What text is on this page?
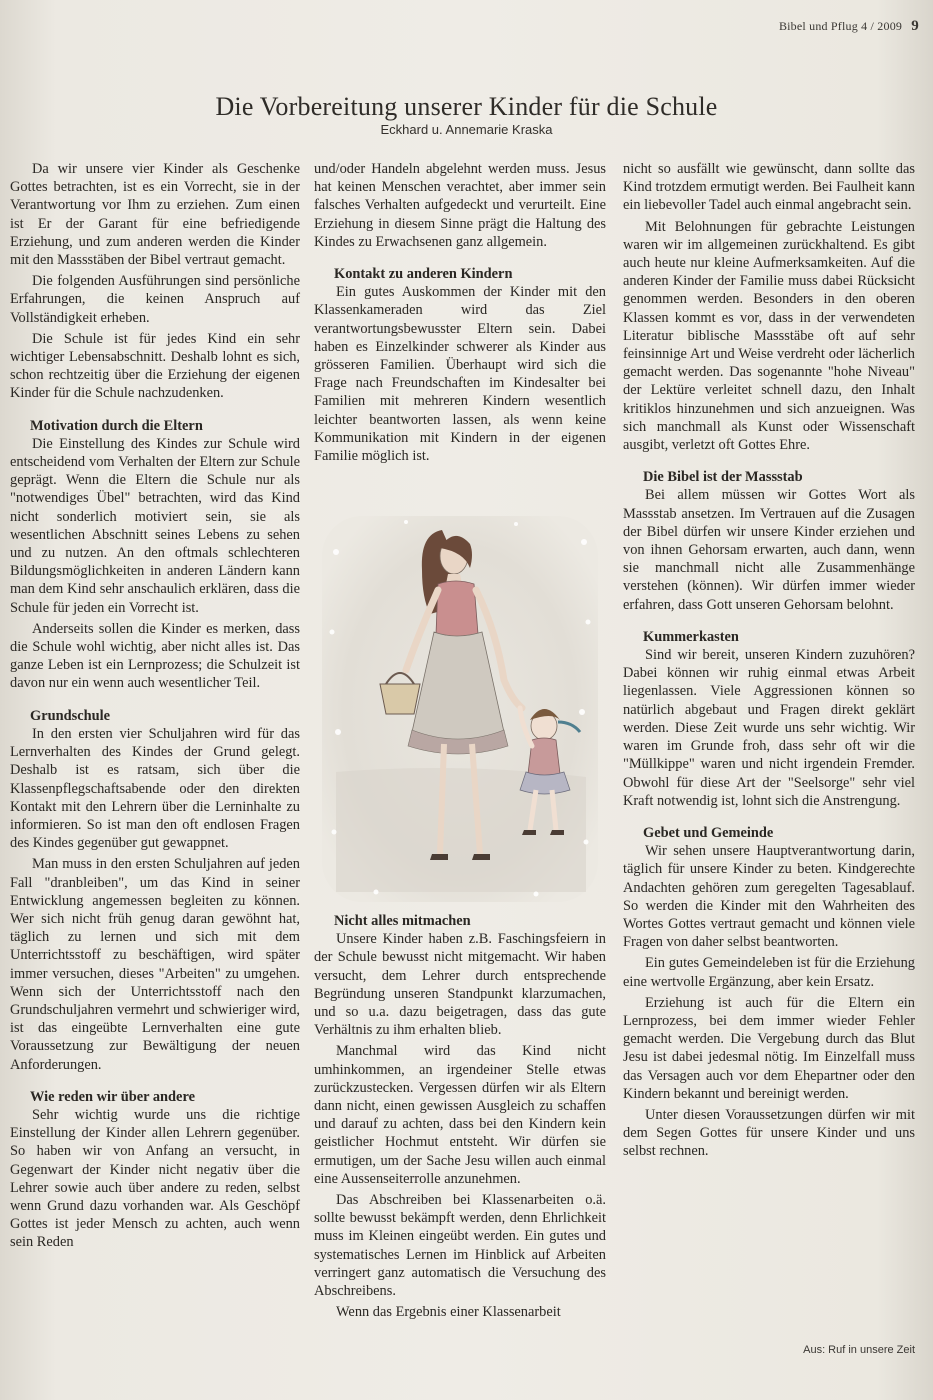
Bibel und Pflug 4 / 2009 9
Die Vorbereitung unserer Kinder für die Schule
Eckhard u. Annemarie Kraska

Da wir unsere vier Kinder als Geschenke Gottes betrachten, ist es ein Vorrecht, sie in der Verantwortung vor Ihm zu erziehen. Zum einen ist Er der Garant für eine befriedigende Erziehung, und zum anderen werden die Kinder mit den Massstäben der Bibel vertraut gemacht.

Die folgenden Ausführungen sind persönliche Erfahrungen, die keinen Anspruch auf Vollständigkeit erheben.

Die Schule ist für jedes Kind ein sehr wichtiger Lebensabschnitt. Deshalb lohnt es sich, schon rechtzeitig über die Erziehung der eigenen Kinder für die Schule nachzudenken.

Motivation durch die Eltern

Die Einstellung des Kindes zur Schule wird entscheidend vom Verhalten der Eltern zur Schule geprägt. Wenn die Eltern die Schule nur als "notwendiges Übel" betrachten, wird das Kind nicht sonderlich motiviert sein, sie als wesentlichen Abschnitt seines Lebens zu sehen und zu nutzen. An den oftmals schlechteren Bildungsmöglichkeiten in anderen Ländern kann man dem Kind sehr anschaulich erklären, dass die Schule für jeden ein Vorrecht ist.

Anderseits sollen die Kinder es merken, dass die Schule wohl wichtig, aber nicht alles ist. Das ganze Leben ist ein Lernprozess; die Schulzeit ist davon nur ein wenn auch wesentlicher Teil.

Grundschule

In den ersten vier Schuljahren wird für das Lernverhalten des Kindes der Grund gelegt. Deshalb ist es ratsam, sich über die Klassenpflegschaftsabende oder den direkten Kontakt mit den Lehrern über die Lerninhalte zu informieren. So ist man den oft endlosen Fragen des Kindes gegenüber gut gewappnet.

Man muss in den ersten Schuljahren auf jeden Fall "dranbleiben", um das Kind in seiner Entwicklung angemessen begleiten zu können. Wer sich nicht früh genug daran gewöhnt hat, täglich zu lernen und sich mit dem Unterrichtsstoff zu beschäftigen, wird später immer versuchen, dieses "Arbeiten" zu umgehen. Wenn sich der Unterrichtsstoff nach den Grundschuljahren vermehrt und schwieriger wird, ist das eingeübte Lernverhalten eine gute Voraussetzung zur Bewältigung der neuen Anforderungen.

Wie reden wir über andere

Sehr wichtig wurde uns die richtige Einstellung der Kinder allen Lehrern gegenüber. So haben wir von Anfang an versucht, in Gegenwart der Kinder nicht negativ über die Lehrer sowie auch über andere zu reden, selbst wenn Grund dazu vorhanden war. Als Geschöpf Gottes ist jeder Mensch zu achten, auch wenn sein Reden

und/oder Handeln abgelehnt werden muss. Jesus hat keinen Menschen verachtet, aber immer sein falsches Verhalten aufgedeckt und verurteilt. Eine Erziehung in diesem Sinne prägt die Haltung des Kindes zu Erwachsenen ganz allgemein.

Kontakt zu anderen Kindern

Ein gutes Auskommen der Kinder mit den Klassenkameraden wird das Ziel verantwortungsbewusster Eltern sein. Dabei haben es Einzelkinder schwerer als Kinder aus grösseren Familien. Überhaupt wird sich die Frage nach Freundschaften im Kindesalter bei Familien mit mehreren Kindern wesentlich leichter beantworten lassen, als wenn keine Kommunikation mit Kindern in der eigenen Familie möglich ist.

Nicht alles mitmachen

Unsere Kinder haben z.B. Faschingsfeiern in der Schule bewusst nicht mitgemacht. Wir haben versucht, dem Lehrer durch entsprechende Begründung unseren Standpunkt klarzumachen, und so u.a. dazu beigetragen, dass das gute Verhältnis zu ihm erhalten blieb.

Manchmal wird das Kind nicht umhinkommen, an irgendeiner Stelle etwas zurückzustecken. Vergessen dürfen wir als Eltern dann nicht, einen gewissen Ausgleich zu schaffen und darauf zu achten, dass bei den Kindern kein geistlicher Hochmut entsteht. Wir dürfen sie ermutigen, um der Sache Jesu willen auch einmal eine Aussenseiterrolle anzunehmen.

Das Abschreiben bei Klassenarbeiten o.ä. sollte bewusst bekämpft werden, denn Ehrlichkeit muss im Kleinen eingeübt werden. Ein gutes und systematisches Lernen im Hinblick auf Arbeiten verringert ganz automatisch die Versuchung des Abschreibens.

Wenn das Ergebnis einer Klassenarbeit

nicht so ausfällt wie gewünscht, dann sollte das Kind trotzdem ermutigt werden. Bei Faulheit kann ein liebevoller Tadel auch einmal angebracht sein.

Mit Belohnungen für gebrachte Leistungen waren wir im allgemeinen zurückhaltend. Es gibt auch heute nur kleine Aufmerksamkeiten. Auf die anderen Kinder der Familie muss dabei Rücksicht genommen werden. Besonders in den oberen Klassen kommt es vor, dass in der verwendeten Literatur biblische Massstäbe oft auf sehr feinsinnige Art und Weise verdreht oder lächerlich gemacht werden. Das sogenannte "hohe Niveau" der Lektüre verleitet schnell dazu, den Inhalt kritiklos hinzunehmen und sich anzueignen. Was sich manchmall als Kunst oder Wissenschaft ausgibt, verletzt oft Gottes Ehre.

Die Bibel ist der Massstab

Bei allem müssen wir Gottes Wort als Massstab ansetzen. Im Vertrauen auf die Zusagen der Bibel dürfen wir unsere Kinder erziehen und von ihnen Gehorsam erwarten, auch dann, wenn sie manchmall nicht alle Zusammenhänge verstehen (können). Wir dürfen immer wieder erfahren, dass Gott unseren Gehorsam belohnt.

Kummerkasten

Sind wir bereit, unseren Kindern zuzuhören? Dabei können wir ruhig einmal etwas Arbeit liegenlassen. Viele Aggressionen können so natürlich abgebaut und Fragen direkt geklärt werden. Diese Zeit wurde uns sehr wichtig. Wir waren im Grunde froh, dass sehr oft wir die "Müllkippe" waren und nicht irgendein Fremder. Obwohl für diese Art der "Seelsorge" sehr viel Kraft notwendig ist, lohnt sich die Anstrengung.

Gebet und Gemeinde

Wir sehen unsere Hauptverantwortung darin, täglich für unsere Kinder zu beten. Kindgerechte Andachten gehören zum geregelten Tagesablauf. So werden die Kinder mit den Wahrheiten des Wortes Gottes vertraut gemacht und können viele Fragen von daher selbst beantworten.

Ein gutes Gemeindeleben ist für die Erziehung eine wertvolle Ergänzung, aber kein Ersatz.

Erziehung ist auch für die Eltern ein Lernprozess, bei dem immer wieder Fehler gemacht werden. Die Vergebung durch das Blut Jesu ist dabei jedesmal nötig. Im Einzelfall muss das Versagen auch vor dem Ehepartner oder den Kindern bekannt und bereinigt werden.

Unter diesen Voraussetzungen dürfen wir mit dem Segen Gottes für unsere Kinder und uns selbst rechnen.

Aus: Ruf in unsere Zeit
